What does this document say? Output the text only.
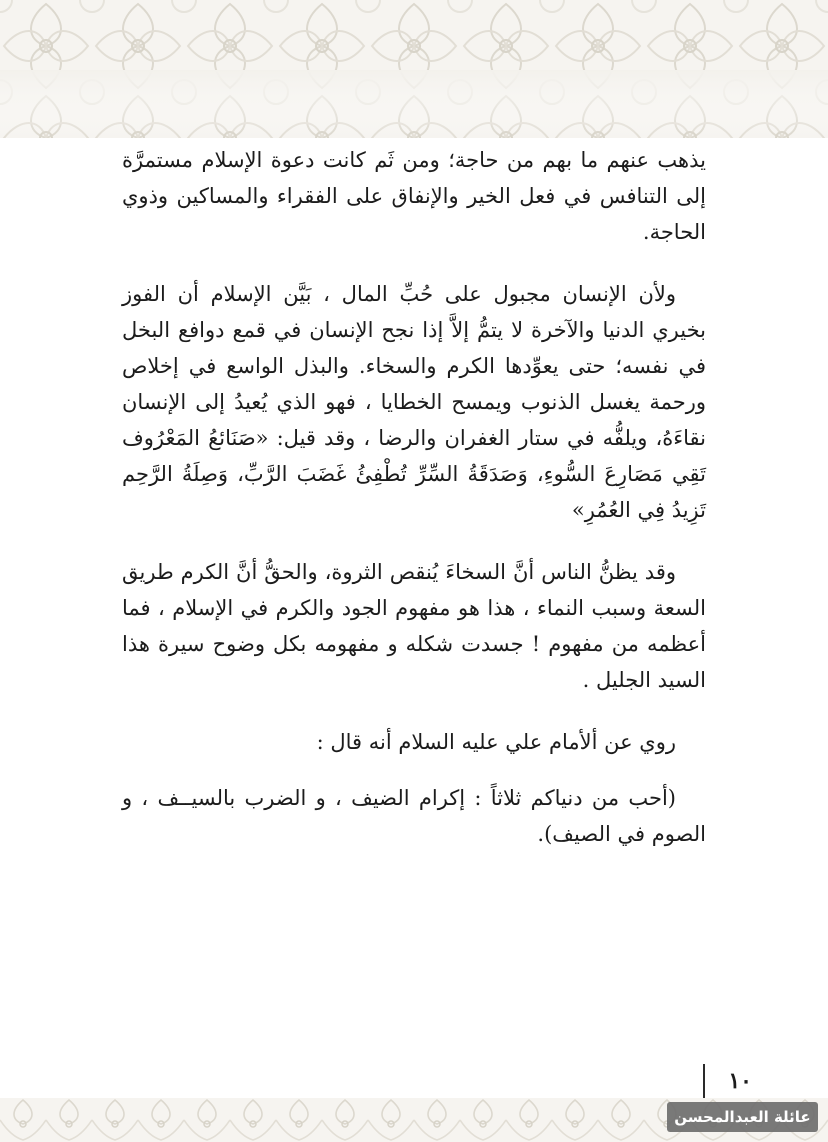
يذهب عنهم ما بهم من حاجة؛ ومن ثَم كانت دعوة الإسلام مستمرَّة إلى التنافس في فعل الخير والإنفاق على الفقراء والمساكين وذوي الحاجة.

ولأن الإنسان مجبول على حُبِّ المال ، بَيَّن الإسلام أن الفوز بخيري الدنيا والآخرة لا يتمُّ إلاَّ إذا نجح الإنسان في قمع دوافع البخل في نفسه؛ حتى يعوِّدها الكرم والسخاء. والبذل الواسع في إخلاص ورحمة يغسل الذنوب ويمسح الخطايا ، فهو الذي يُعيدُ إلى الإنسان نقاءَهُ، ويلفُّه في ستار الغفران والرضا ، وقد قيل: «صَنَائعُ المَعْرُوف تَقِي مَصَارِعَ السُّوءِ، وَصَدَقَةُ السِّرِّ تُطْفِئُ غَضَبَ الرَّبِّ، وَصِلَةُ الرَّحِم تَزِيدُ فِي العُمُرِ»

وقد يظنُّ الناس أنَّ السخاءَ يُنقص الثروة، والحقُّ أنَّ الكرم طريق السعة وسبب النماء ، هذا هو مفهوم الجود والكرم في الإسلام ، فما أعظمه من مفهوم ! جسدت شكله و مفهومه بكل وضوح سيرة هذا السيد الجليل .

روي عن ألأمام علي عليه السلام أنه قال :

(أحب من دنياكم ثلاثاً : إكرام الضيف ، و الضرب بالسيــف ، و الصوم في الصيف).

١٠
عائلة العبدالمحسن
